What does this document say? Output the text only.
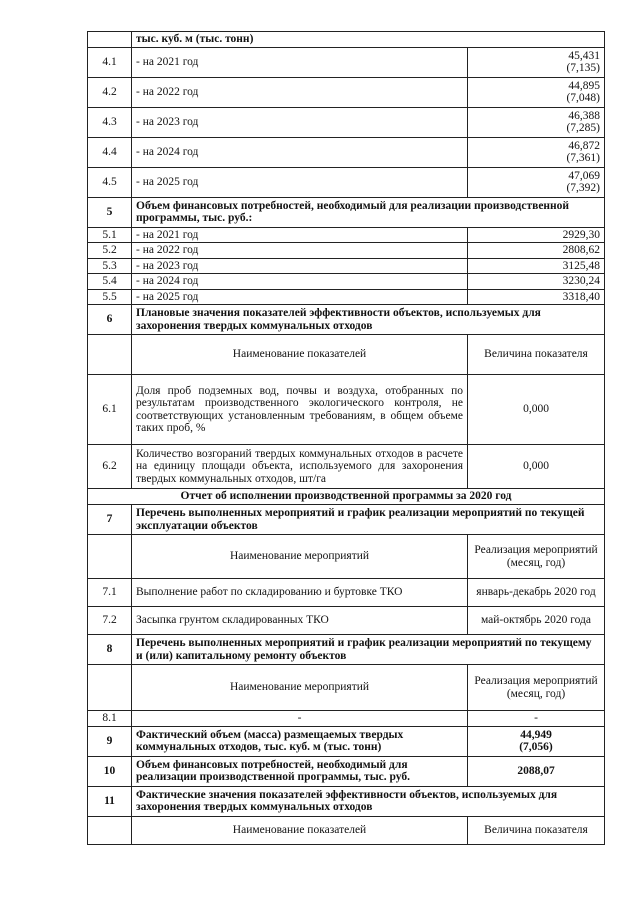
	тыс. куб. м (тыс. тонн)	
4.1	- на 2021 год	45,431
(7,135)

4.2	- на 2022 год	44,895
(7,048)

4.3	- на 2023 год	46,388
(7,285)

4.4	- на 2024 год	46,872
(7,361)

4.5	- на 2025 год	47,069
(7,392)

5	Объем финансовых потребностей, необходимый для реализации производственной программы, тыс. руб.:	
5.1	- на 2021 год	2929,30
5.2	- на 2022 год	2808,62
5.3	- на 2023 год	3125,48
5.4	- на 2024 год	3230,24
5.5	- на 2025 год	3318,40
6	Плановые значения показателей эффективности объектов, используемых для захоронения твердых коммунальных отходов	
	Наименование показателей	Величина показателя
6.1	Доля проб подземных вод, почвы и воздуха, отобранных по результатам производственного экологического контроля, не соответствующих установленным требованиям, в общем объеме таких проб, %	0,000
6.2	Количество возгораний твердых коммунальных отходов в расчете на единицу площади объекта, используемого для захоронения твердых коммунальных отходов, шт/га	0,000
Отчет об исполнении производственной программы за 2020 год		
7	Перечень выполненных мероприятий и график реализации мероприятий по текущей эксплуатации объектов	
	Наименование мероприятий	Реализация мероприятий (месяц, год)
7.1	Выполнение работ по складированию и буртовке ТКО	январь-декабрь 2020 год
7.2	Засыпка грунтом складированных ТКО	май-октябрь 2020 года
8	Перечень выполненных мероприятий и график реализации мероприятий по текущему и (или) капитальному ремонту объектов	
	Наименование мероприятий	Реализация мероприятий (месяц, год)
8.1	-	-
9	Фактический объем (масса) размещаемых твердых коммунальных отходов, тыс. куб. м (тыс. тонн)	44,949
(7,056)

10	Объем финансовых потребностей, необходимый для реализации производственной программы, тыс. руб.	2088,07
11	Фактические значения показателей эффективности объектов, используемых для захоронения твердых коммунальных отходов	
	Наименование показателей	Величина показателя
